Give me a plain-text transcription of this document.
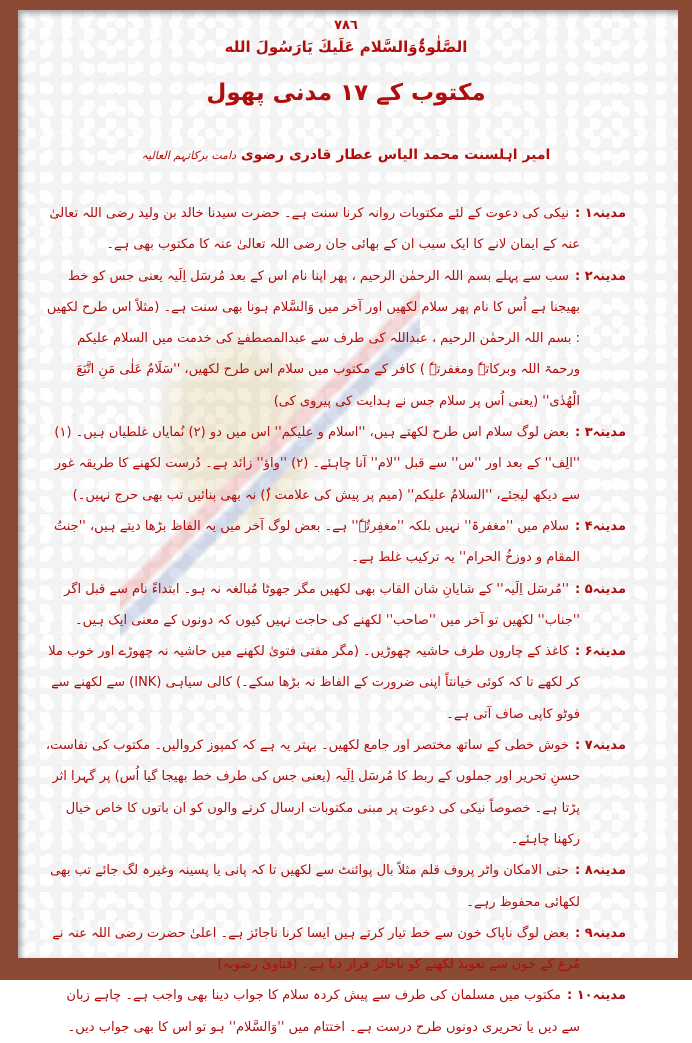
٧٨٦
الصَّلٰوۃُوَالسَّلام عَلَیكَ یَارَسُولَ الله
مکتوب کے ۱۷ مدنی پھول
امیر اہلسنت محمد الیاس عطار قادری رضوی دامت برکاتہم العالیہ
مدینہ۱ :نیکی کی دعوت کے لئے مکتوبات روانہ کرنا سنت ہے۔ حضرت سیدنا خالد بن ولید رضی اللہ تعالیٰ عنہ کے ایمان لانے کا ایک سبب ان کے بھائی جان رضی اللہ تعالیٰ عنہ کا مکتوب بھی ہے۔
مدینہ۲ :سب سے پہلے بسم اللہ الرحمٰن الرحیم ، پھر اپنا نام اس کے بعد مُرسَل اِلَیہ یعنی جس کو خط بھیجنا ہے اُس کا نام پھر سلام لکھیں اور آخر میں وَالسَّلام ہونا بھی سنت ہے۔ (مثلاً اس طرح لکھیں : بسم اللہ الرحمٰن الرحیم ، عبداللہ کی طرف سے عبدالمصطفےٰ کی خدمت میں السلام علیکم ورحمۃ اللہ وبرکاتہٗ ومغفرتہٗ ) کافر کے مکتوب میں سلام اس طرح لکھیں، ''سَلَامٌ عَلٰی مَنِ اتَّبَعَ الْھُدٰی'' (یعنی اُس پر سلام جس نے ہدایت کی پیروی کی)
مدینہ۳ :بعض لوگ سلام اس طرح لکھتے ہیں، ''اسلام و علیکم'' اس میں دو (۲) نُمایاں غلطیاں ہیں۔ (۱) ''الِف'' کے بعد اور ''س'' سے قبل ''لام'' آنا چاہئے۔ (۲) ''واؤ'' زائد ہے۔ دُرست لکھنے کا طریقہ غور سے دیکھ لیجئے، ''السلامُ علیکم'' (میم پر پیش کی علامت (ُ) نہ بھی بنائیں تب بھی حرج نہیں۔)
مدینہ۴ :سلام میں ''مغفرۃ'' نہیں بلکہ ''مغفِرتُہٗ'' ہے۔ بعض لوگ آخر میں یہ الفاظ بڑھا دیتے ہیں، ''جنتُ المقام و دوزخُ الحرام'' یہ ترکیب غلط ہے۔
مدینہ۵ :''مُرسَل اِلَیہ'' کے شایانِ شان القاب بھی لکھیں مگر جھوٹا مُبالغہ نہ ہو۔ ابتداءً نام سے قبل اگر ''جناب'' لکھیں تو آخر میں ''صاحب'' لکھنے کی حاجت نہیں کیوں کہ دونوں کے معنی ایک ہیں۔
مدینہ۶ :کاغذ کے چاروں طرف حاشیہ چھوڑیں۔ (مگر مفتی فتویٰ لکھنے میں حاشیہ نہ چھوڑے اور خوب ملا کر لکھے تا کہ کوئی خیانتاً اپنی ضرورت کے الفاظ نہ بڑھا سکے۔) کالی سیاہی (INK) سے لکھنے سے فوٹو کاپی صاف آتی ہے۔
مدینہ۷ :خوش خطی کے ساتھ مختصر اور جامع لکھیں۔ بہتر یہ ہے کہ کمپوز کروالیں۔ مکتوب کی نفاست، حسنِ تحریر اور جملوں کے ربط کا مُرسَل اِلَیہ (یعنی جس کی طرف خط بھیجا گیا اُس) پر گہرا اثر پڑتا ہے۔ خصوصاً نیکی کی دعوت پر مبنی مکتوبات ارسال کرنے والوں کو ان باتوں کا خاص خیال رکھنا چاہئے۔
مدینہ۸ :حتی الامکان واٹر پروف قلم مثلاً بال پوائنٹ سے لکھیں تا کہ پانی یا پسینہ وغیرہ لگ جائے تب بھی لکھائی محفوظ رہے۔
مدینہ۹ :بعض لوگ ناپاک خون سے خط تیار کرتے ہیں ایسا کرنا ناجائز ہے۔ اعلیٰ حضرت رضی اللہ عنہ نے مُرغ کے خون سے تعویذ لکھنے کو ناجائز قرار دیا ہے۔ (فتاویٰ رضویہ)
مدینہ۱۰ :مکتوب میں مسلمان کی طرف سے پیش کردہ سلام کا جواب دینا بھی واجب ہے۔ چاہے زبان سے دیں یا تحریری دونوں طرح درست ہے۔ اختتام میں ''وَالسَّلام'' ہو تو اس کا بھی جواب دیں۔
